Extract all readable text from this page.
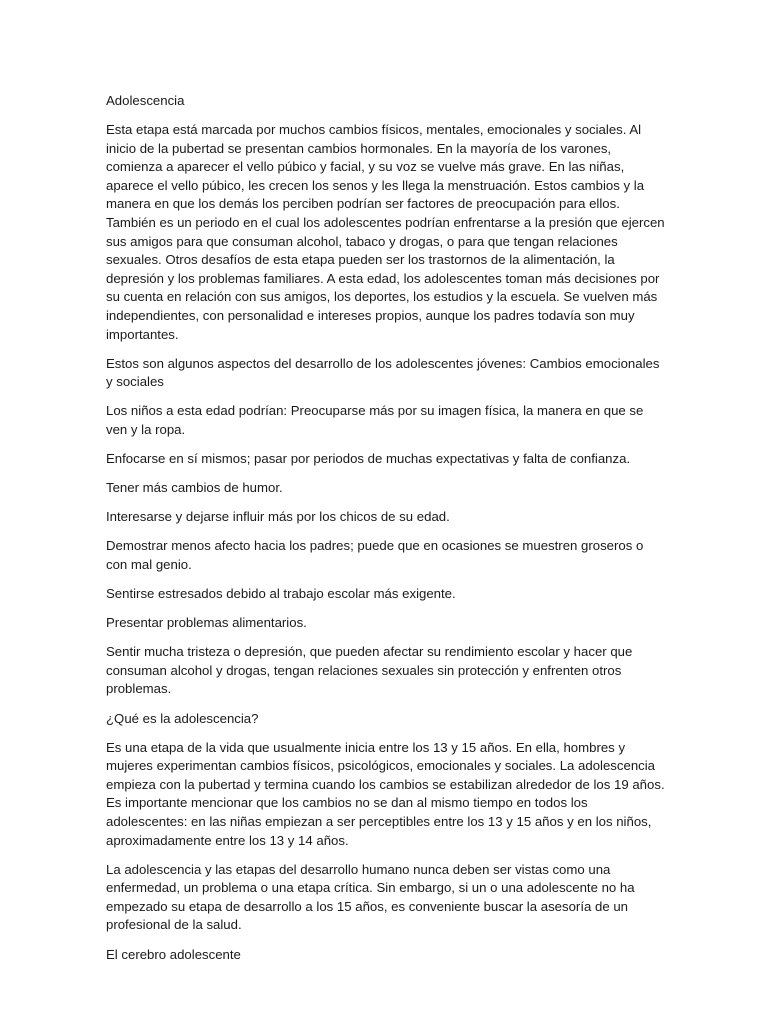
Adolescencia

Esta etapa está marcada por muchos cambios físicos, mentales, emocionales y sociales. Al inicio de la pubertad se presentan cambios hormonales. En la mayoría de los varones, comienza a aparecer el vello púbico y facial, y su voz se vuelve más grave. En las niñas, aparece el vello púbico, les crecen los senos y les llega la menstruación. Estos cambios y la manera en que los demás los perciben podrían ser factores de preocupación para ellos. También es un periodo en el cual los adolescentes podrían enfrentarse a la presión que ejercen sus amigos para que consuman alcohol, tabaco y drogas, o para que tengan relaciones sexuales. Otros desafíos de esta etapa pueden ser los trastornos de la alimentación, la depresión y los problemas familiares. A esta edad, los adolescentes toman más decisiones por su cuenta en relación con sus amigos, los deportes, los estudios y la escuela. Se vuelven más independientes, con personalidad e intereses propios, aunque los padres todavía son muy importantes.

Estos son algunos aspectos del desarrollo de los adolescentes jóvenes: Cambios emocionales y sociales

Los niños a esta edad podrían: Preocuparse más por su imagen física, la manera en que se ven y la ropa.

Enfocarse en sí mismos; pasar por periodos de muchas expectativas y falta de confianza.

Tener más cambios de humor.

Interesarse y dejarse influir más por los chicos de su edad.

Demostrar menos afecto hacia los padres; puede que en ocasiones se muestren groseros o con mal genio.

Sentirse estresados debido al trabajo escolar más exigente.

Presentar problemas alimentarios.

Sentir mucha tristeza o depresión, que pueden afectar su rendimiento escolar y hacer que consuman alcohol y drogas, tengan relaciones sexuales sin protección y enfrenten otros problemas.

¿Qué es la adolescencia?

Es una etapa de la vida que usualmente inicia entre los 13 y 15 años. En ella, hombres y mujeres experimentan cambios físicos, psicológicos, emocionales y sociales. La adolescencia empieza con la pubertad y termina cuando los cambios se estabilizan alrededor de los 19 años. Es importante mencionar que los cambios no se dan al mismo tiempo en todos los adolescentes: en las niñas empiezan a ser perceptibles entre los 13 y 15 años y en los niños, aproximadamente entre los 13 y 14 años.

La adolescencia y las etapas del desarrollo humano nunca deben ser vistas como una enfermedad, un problema o una etapa crítica. Sin embargo, si un o una adolescente no ha empezado su etapa de desarrollo a los 15 años, es conveniente buscar la asesoría de un profesional de la salud.

El cerebro adolescente
